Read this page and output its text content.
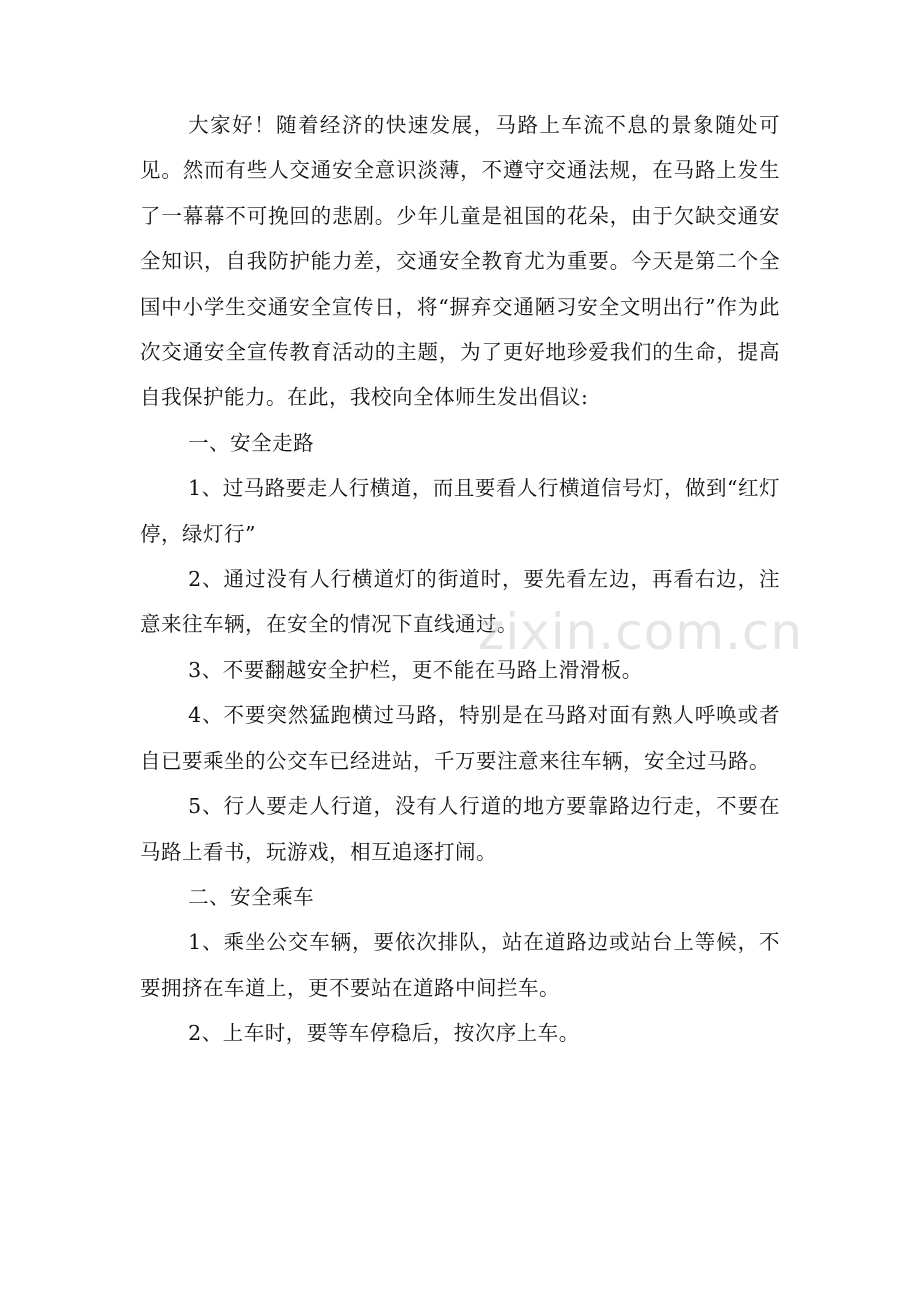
大家好！随着经济的快速发展，马路上车流不息的景象随处可见。然而有些人交通安全意识淡薄，不遵守交通法规，在马路上发生了一幕幕不可挽回的悲剧。少年儿童是祖国的花朵，由于欠缺交通安全知识，自我防护能力差，交通安全教育尤为重要。今天是第二个全国中小学生交通安全宣传日，将“摒弃交通陋习安全文明出行”作为此次交通安全宣传教育活动的主题，为了更好地珍爱我们的生命，提高自我保护能力。在此，我校向全体师生发出倡议:

一、安全走路

1、过马路要走人行横道，而且要看人行横道信号灯，做到“红灯停，绿灯行”

2、通过没有人行横道灯的街道时，要先看左边，再看右边，注意来往车辆，在安全的情况下直线通过。

3、不要翻越安全护栏，更不能在马路上滑滑板。

4、不要突然猛跑横过马路，特别是在马路对面有熟人呼唤或者自已要乘坐的公交车已经进站，千万要注意来往车辆，安全过马路。

5、行人要走人行道，没有人行道的地方要靠路边行走，不要在马路上看书，玩游戏，相互追逐打闹。

二、安全乘车

1、乘坐公交车辆，要依次排队，站在道路边或站台上等候，不要拥挤在车道上，更不要站在道路中间拦车。

2、上车时，要等车停稳后，按次序上车。

zixin.com.cn
